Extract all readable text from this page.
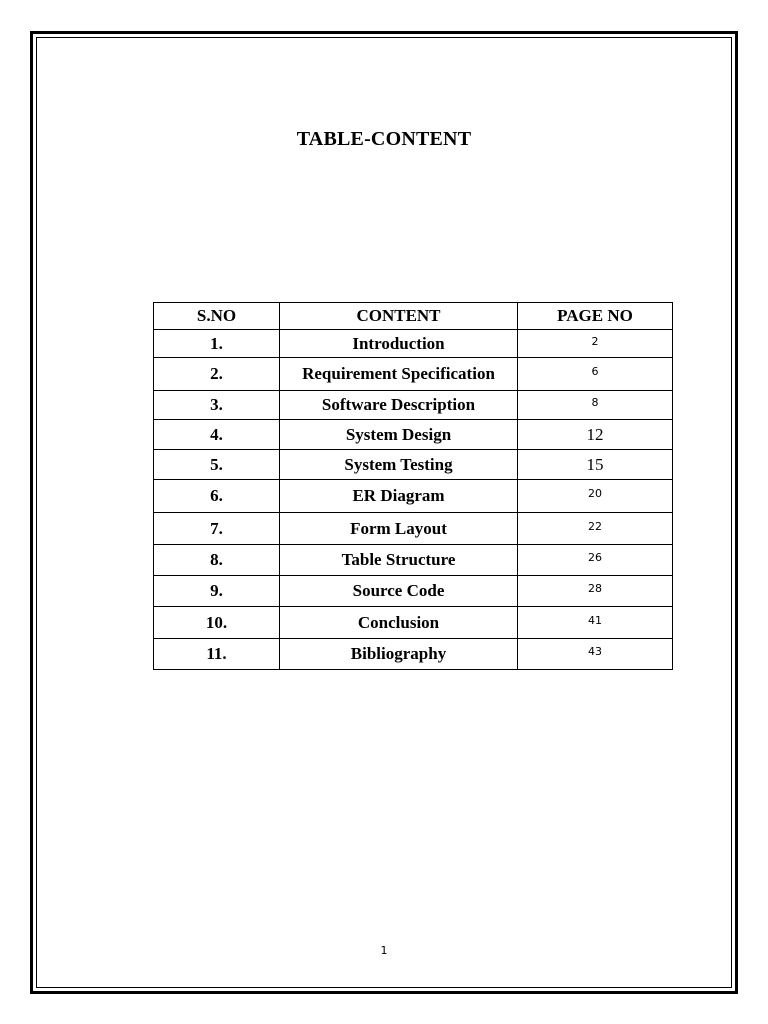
TABLE-CONTENT
S.NO	CONTENT	PAGE NO
1.	Introduction	$^2$
2.	Requirement Specification	$^6$
3.	Software Description	$^8$
4.	System Design	12
5.	System Testing	15
6.	ER Diagram	$^{20}$
7.	Form Layout	$^{22}$
8.	Table Structure	$^{26}$
9.	Source Code	$^{28}$
10.	Conclusion	$^{41}$
11.	Bibliography	$^{43}$
1
